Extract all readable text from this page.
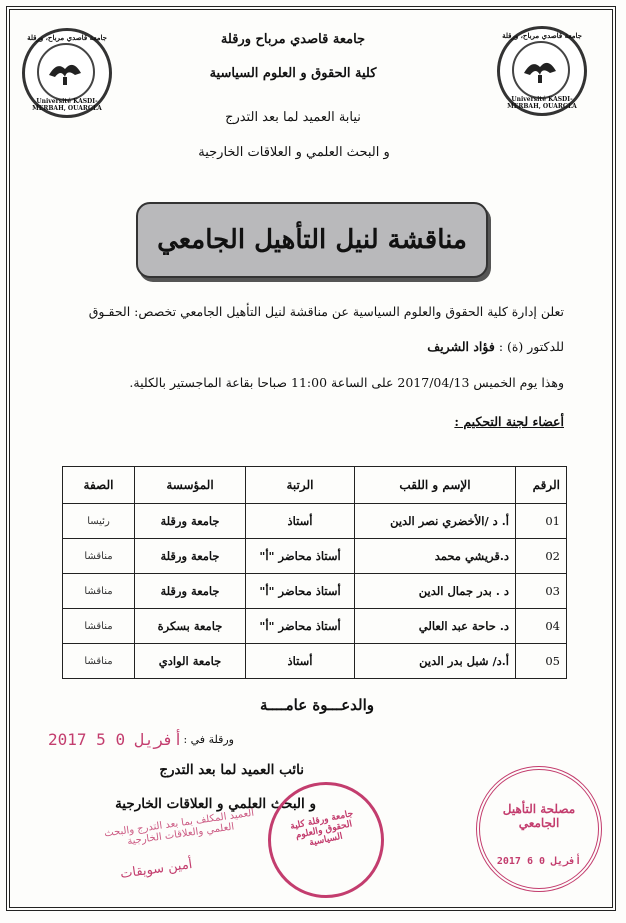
جامعة قاصدي مرباح، ورقلة
Université KASDI-MERBAH, OUARGLA
جامعة قاصدي مرباح، ورقلة
Université KASDI-MERBAH, OUARGLA
جامعة قاصدي مرباح ورقلة
كلية الحقوق و العلوم السياسية
نيابة العميد لما بعد التدرج
و البحث العلمي و العلاقات الخارجية
مناقشة لنيل التأهيل الجامعي
تعلن إدارة كلية الحقوق والعلوم السياسية عن مناقشة لنيل التأهيل الجامعي تخصص: الحقـوق
للدكتور (ة) : فؤاد الشريف
وهذا يوم الخميس 2017/04/13 على الساعة 11:00 صباحا بقاعة الماجستير بالكلية.
أعضاء لجنة التحكيم :
الرقم	الإسم و اللقب	الرتبة	المؤسسة	الصفة
01	أ. د /الأخضري نصر الدين	أستاذ	جامعة ورقلة	رئيسا
02	د.قريشي محمد	أستاذ محاضر "أ"	جامعة ورقلة	مناقشا
03	د . بدر جمال الدين	أستاذ محاضر "أ"	جامعة ورقلة	مناقشا
04	د. حاحة عبد العالي	أستاذ محاضر "أ"	جامعة بسكرة	مناقشا
05	أ.د/ شبل بدر الدين	أستاذ	جامعة الوادي	مناقشا
والدعـــوة عامــــة
ورقلة في :
2017 أفريل 0 5
نائب العميد لما بعد التدرج
و البحث العلمي و العلاقات الخارجية
جامعة ورقلة كلية الحقوق والعلوم السياسية
العميد المكلف بما بعد التدرج والبحث العلمي والعلاقات الخارجية
أمين سويقات
مصلحة التأهيل الجامعي
2017 أفريل 0 6
